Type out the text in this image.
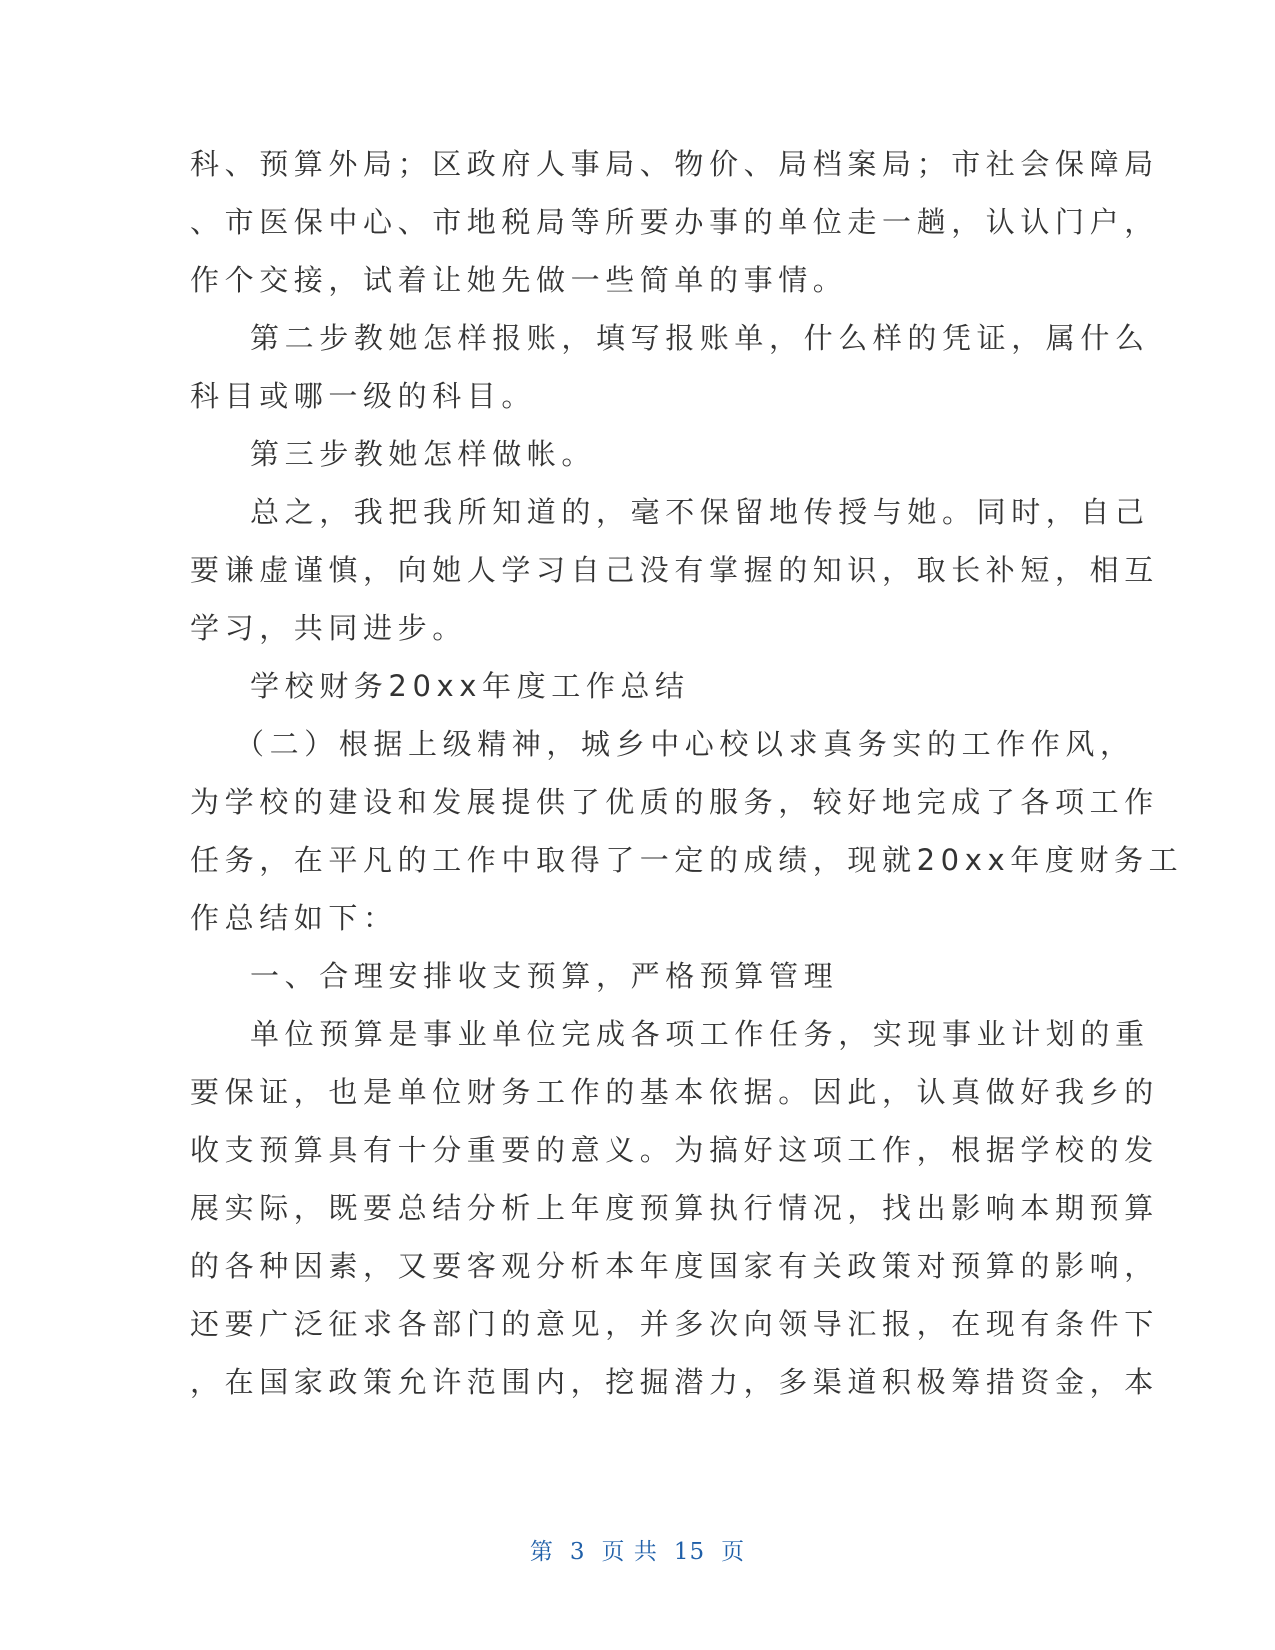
科、预算外局；区政府人事局、物价、局档案局；市社会保障局
、市医保中心、市地税局等所要办事的单位走一趟，认认门户，
作个交接，试着让她先做一些简单的事情。
第二步教她怎样报账，填写报账单，什么样的凭证，属什么
科目或哪一级的科目。
第三步教她怎样做帐。
总之，我把我所知道的，毫不保留地传授与她。同时，自己
要谦虚谨慎，向她人学习自己没有掌握的知识，取长补短，相互
学习，共同进步。
学校财务20xx年度工作总结
（二）根据上级精神，城乡中心校以求真务实的工作作风，
为学校的建设和发展提供了优质的服务，较好地完成了各项工作
任务，在平凡的工作中取得了一定的成绩，现就20xx年度财务工
作总结如下：
一、合理安排收支预算，严格预算管理
单位预算是事业单位完成各项工作任务，实现事业计划的重
要保证，也是单位财务工作的基本依据。因此，认真做好我乡的
收支预算具有十分重要的意义。为搞好这项工作，根据学校的发
展实际，既要总结分析上年度预算执行情况，找出影响本期预算
的各种因素，又要客观分析本年度国家有关政策对预算的影响，
还要广泛征求各部门的意见，并多次向领导汇报，在现有条件下
，在国家政策允许范围内，挖掘潜力，多渠道积极筹措资金，本
第 3 页 共 15 页
